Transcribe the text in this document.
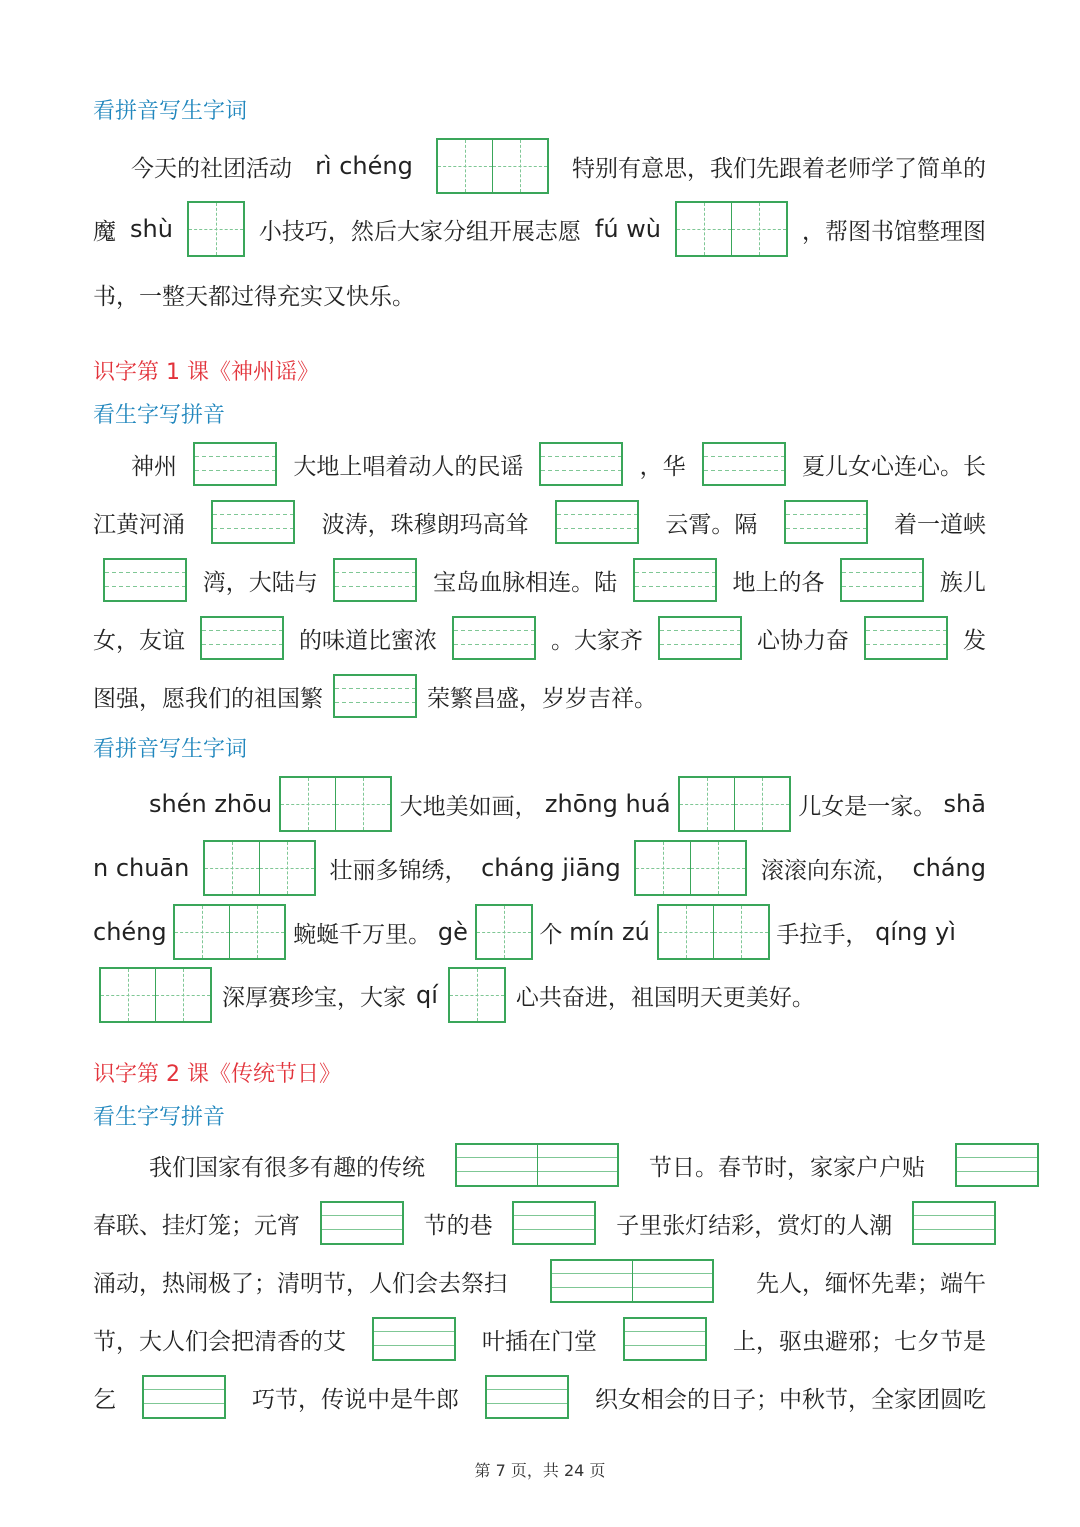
看拼音写生字词
今天的社团活动 rì chéng	特别有意思，我们先跟着老师学了简单的
魔 shù	小技巧，然后大家分组开展志愿 fú wù	，帮图书馆整理图
书，一整天都过得充实又快乐。
识字第 1 课《神州谣》
看生字写拼音
神州	大地上唱着动人的民谣	，华	夏儿女心连心。长
江黄河涌	波涛，珠穆朗玛高耸	云霄。隔	着一道峡
湾，大陆与	宝岛血脉相连。陆	地上的各	族儿
女，友谊	的味道比蜜浓	。大家齐	心协力奋	发
图强，愿我们的祖国繁	荣繁昌盛，岁岁吉祥。
看拼音写生字词
shén zhōu	大地美如画， zhōng huá	儿女是一家。 shā
n chuān	壮丽多锦绣， cháng jiāng	滚滚向东流， cháng
chéng	蜿蜒千万里。 gè	个 mín zú	手拉手， qíng yì
深厚赛珍宝，大家 qí	心共奋进，祖国明天更美好。
识字第 2 课《传统节日》
看生字写拼音
我们国家有很多有趣的传统	节日。春节时，家家户户贴
春联、挂灯笼；元宵	节的巷	子里张灯结彩，赏灯的人潮
涌动，热闹极了；清明节，人们会去祭扫	先人，缅怀先辈；端午
节，大人们会把清香的艾	叶插在门堂	上，驱虫避邪；七夕节是
乞	巧节，传说中是牛郎	织女相会的日子；中秋节，全家团圆吃
第 7 页，共 24 页
